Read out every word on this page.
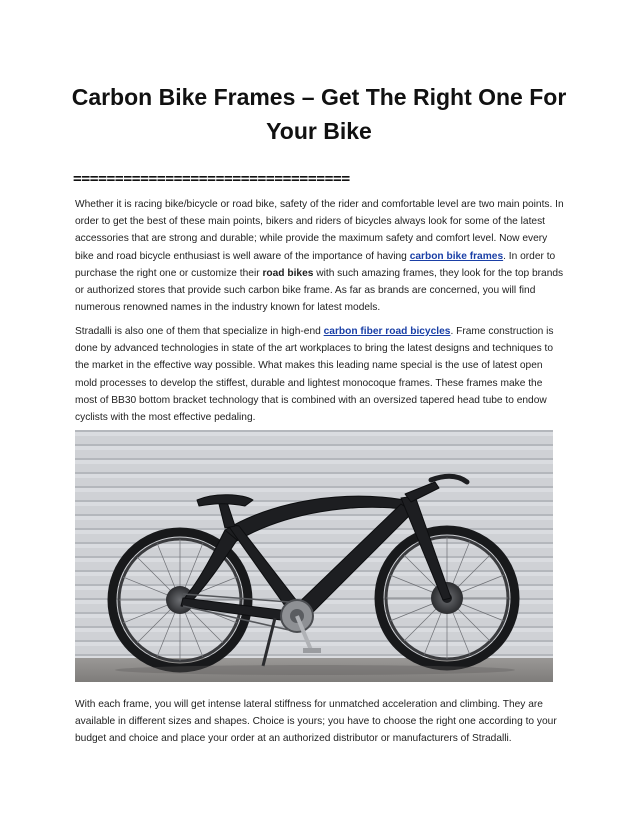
Carbon Bike Frames – Get The Right One For Your Bike
=================================

Whether it is racing bike/bicycle or road bike, safety of the rider and comfortable level are two main points. In order to get the best of these main points, bikers and riders of bicycles always look for some of the latest accessories that are strong and durable; while provide the maximum safety and comfort level. Now every bike and road bicycle enthusiast is well aware of the importance of having carbon bike frames. In order to purchase the right one or customize their road bikes with such amazing frames, they look for the top brands or authorized stores that provide such carbon bike frame. As far as brands are concerned, you will find numerous renowned names in the industry known for latest models.

Stradalli is also one of them that specialize in high-end carbon fiber road bicycles. Frame construction is done by advanced technologies in state of the art workplaces to bring the latest designs and techniques to the market in the effective way possible. What makes this leading name special is the use of latest open mold processes to develop the stiffest, durable and lightest monocoque frames. These frames make the most of BB30 bottom bracket technology that is combined with an oversized tapered head tube to endow cyclists with the most effective pedaling.

With each frame, you will get intense lateral stiffness for unmatched acceleration and climbing. They are available in different sizes and shapes. Choice is yours; you have to choose the right one according to your budget and choice and place your order at an authorized distributor or manufacturers of Stradalli.
